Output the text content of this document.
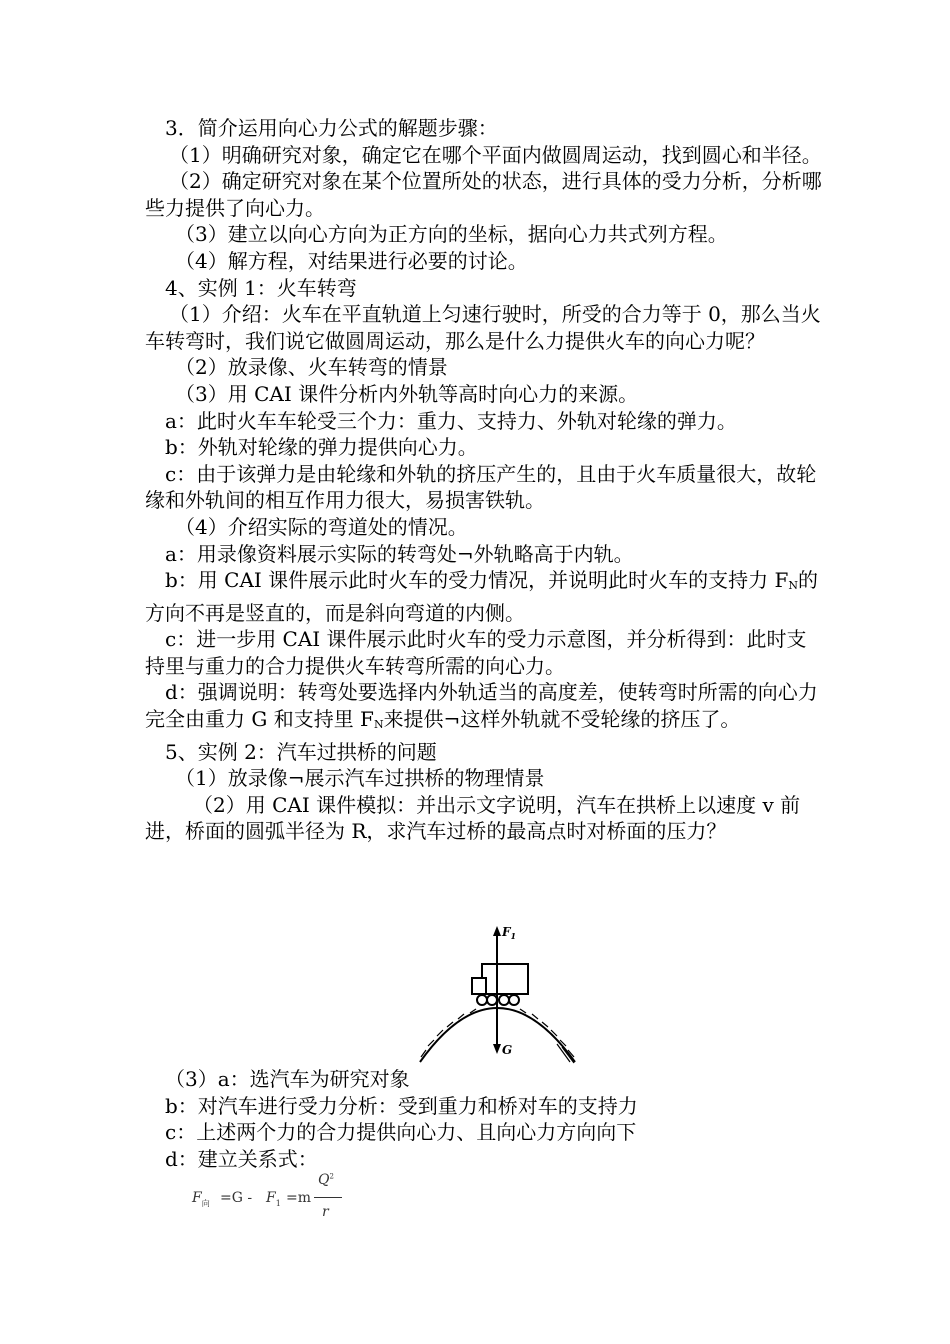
3．简介运用向心力公式的解题步骤：

（1）明确研究对象，确定它在哪个平面内做圆周运动，找到圆心和半径。

（2）确定研究对象在某个位置所处的状态，进行具体的受力分析，分析哪些力提供了向心力。

（3）建立以向心方向为正方向的坐标，据向心力共式列方程。

（4）解方程，对结果进行必要的讨论。

4、实例 1：火车转弯

（1）介绍：火车在平直轨道上匀速行驶时，所受的合力等于 0，那么当火车转弯时，我们说它做圆周运动，那么是什么力提供火车的向心力呢？

（2）放录像、火车转弯的情景

（3）用 CAI 课件分析内外轨等高时向心力的来源。

a：此时火车车轮受三个力：重力、支持力、外轨对轮缘的弹力。

b：外轨对轮缘的弹力提供向心力。

c：由于该弹力是由轮缘和外轨的挤压产生的，且由于火车质量很大，故轮缘和外轨间的相互作用力很大，易损害铁轨。

（4）介绍实际的弯道处的情况。

a：用录像资料展示实际的转弯处¬外轨略高于内轨。

b：用 CAI 课件展示此时火车的受力情况，并说明此时火车的支持力 $F_N$的方向不再是竖直的，而是斜向弯道的内侧。

c：进一步用 CAI 课件展示此时火车的受力示意图，并分析得到：此时支持里与重力的合力提供火车转弯所需的向心力。

d：强调说明：转弯处要选择内外轨适当的高度差，使转弯时所需的向心力完全由重力 G 和支持里 $F_N$来提供¬这样外轨就不受轮缘的挤压了。

5、实例 2：汽车过拱桥的问题

（1）放录像¬展示汽车过拱桥的物理情景

（2）用 CAI 课件模拟：并出示文字说明，汽车在拱桥上以速度 v 前进，桥面的圆弧半径为 R，求汽车过桥的最高点时对桥面的压力？

$F_1$
G

（3）a：选汽车为研究对象

b：对汽车进行受力分析：受到重力和桥对车的支持力

c：上述两个力的合力提供向心力、且向心力方向向下

d：建立关系式：

$F_向 =G - F_1 =m$
$Q^2$
r
